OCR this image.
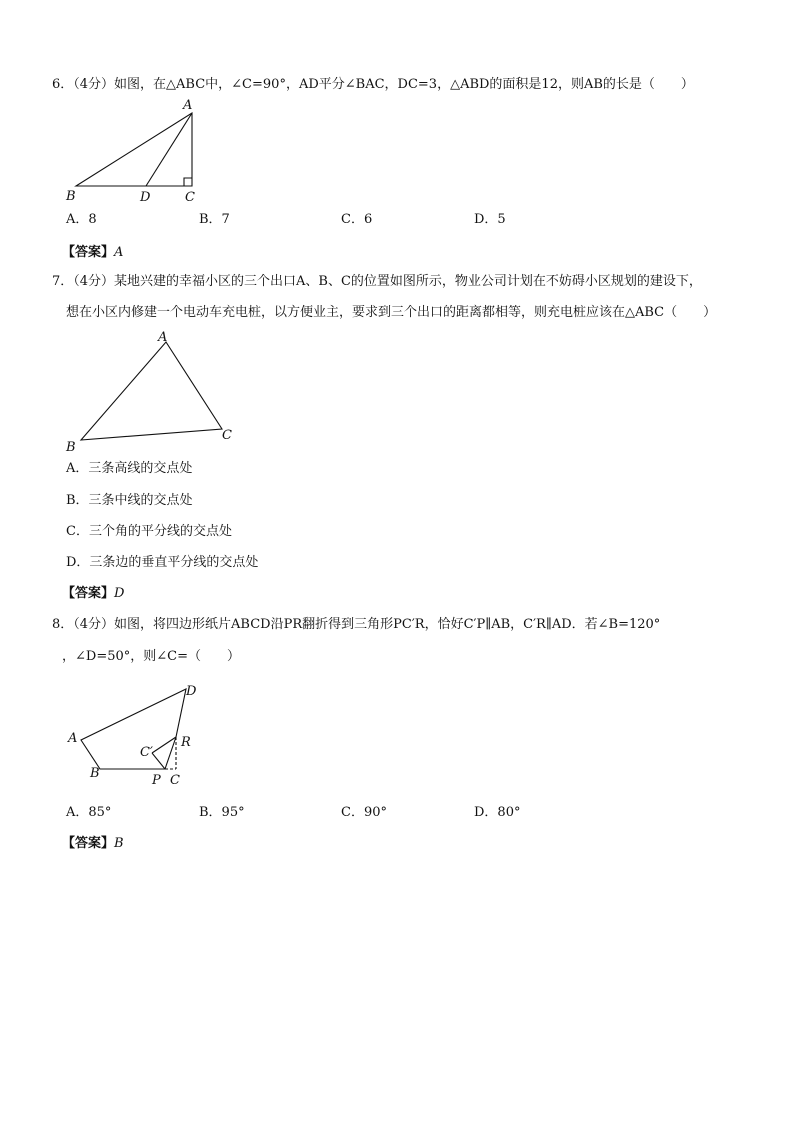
6．（4分）如图，在△ABC中，∠C=90°，AD平分∠BAC，DC=3，△ABD的面积是12，则AB的长是（　　）
A
B	D	C
A．8	B．7	C．6	D．5
【答案】A
7．（4分）某地兴建的幸福小区的三个出口A、B、C的位置如图所示，物业公司计划在不妨碍小区规划的建设下，
想在小区内修建一个电动车充电桩，以方便业主，要求到三个出口的距离都相等，则充电桩应该在△ABC（　　）
A
B
C
A．三条高线的交点处
B．三条中线的交点处
C．三个角的平分线的交点处
D．三条边的垂直平分线的交点处
【答案】D
8．（4分）如图，将四边形纸片ABCD沿PR翻折得到三角形PC′R，恰好C′P∥AB，C′R∥AD．若∠B=120°
，∠D=50°，则∠C=（　　）
A
B
D
C′
R
P C
A．85°	B．95°	C．90°	D．80°
【答案】B
